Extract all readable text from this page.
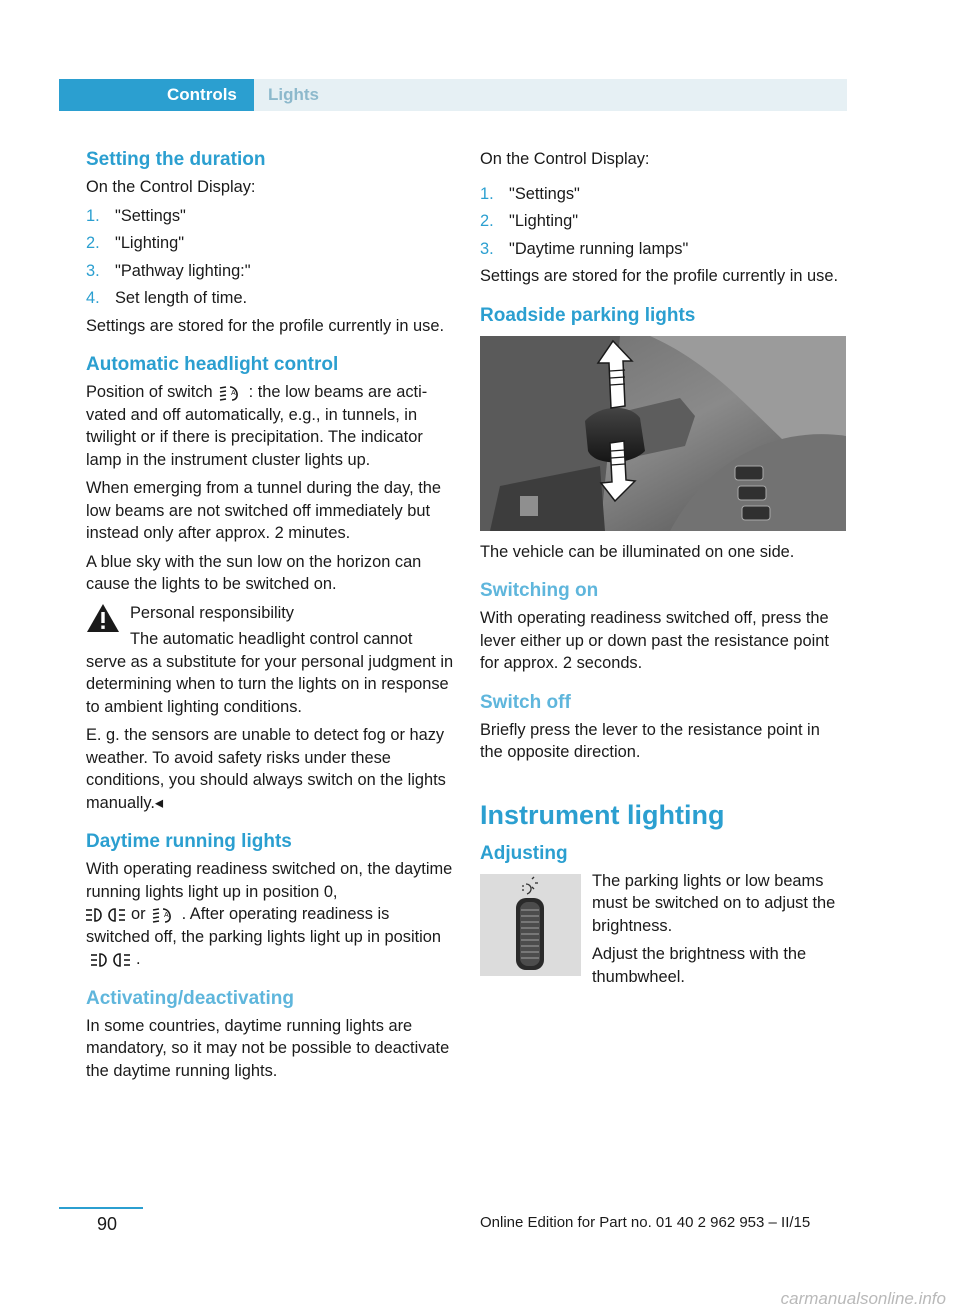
Controls	Lights
Setting the duration

On the Control Display:

1. "Settings"
2. "Lighting"
3. "Pathway lighting:"
4. Set length of time.

Settings are stored for the profile currently in use.

Automatic headlight control

Position of switch	A : the low beams are activated and off automatically, e.g., in tunnels, in twilight or if there is precipitation. The indicator lamp in the instrument cluster lights up.

When emerging from a tunnel during the day, the low beams are not switched off immediately but instead only after approx. 2 minutes.

A blue sky with the sun low on the horizon can cause the lights to be switched on.

Personal responsibility

The automatic headlight control cannot serve as a substitute for your personal judgment in determining when to turn the lights on in response to ambient lighting conditions.

E. g. the sensors are unable to detect fog or hazy weather. To avoid safety risks under these conditions, you should always switch on the lights manually.◂

Daytime running lights

With operating readiness switched on, the daytime running lights light up in position 0,
or	A . After operating readiness is switched off, the parking lights light up in position.

Activating/deactivating

In some countries, daytime running lights are mandatory, so it may not be possible to deactivate the daytime running lights.

On the Control Display:

1. "Settings"
2. "Lighting"
3. "Daytime running lamps"

Settings are stored for the profile currently in use.

Roadside parking lights

The vehicle can be illuminated on one side.

Switching on

With operating readiness switched off, press the lever either up or down past the resistance point for approx. 2 seconds.

Switch off

Briefly press the lever to the resistance point in the opposite direction.

Instrument lighting
Adjusting

The parking lights or low beams must be switched on to adjust the brightness.

Adjust the brightness with the thumbwheel.

90	Online Edition for Part no. 01 40 2 962 953 – II/15
carmanualsonline.info
